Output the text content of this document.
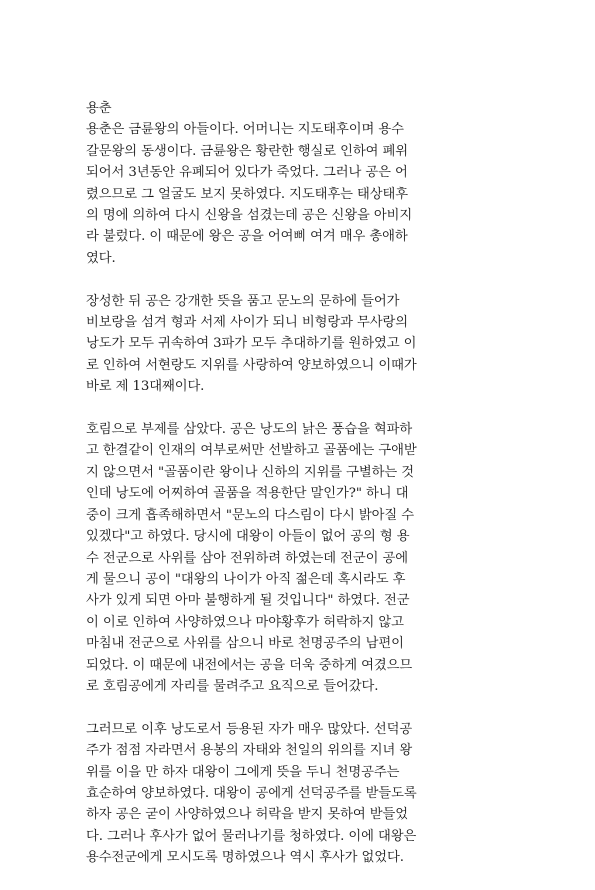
용춘
용춘은 금륜왕의 아들이다. 어머니는 지도태후이며 용수
갈문왕의 동생이다. 금륜왕은 황란한 행실로 인하여 폐위
되어서 3년동안 유폐되어 있다가 죽었다. 그러나 공은 어
렸으므로 그 얼굴도 보지 못하였다. 지도태후는 태상태후
의 명에 의하여 다시 신왕을 섬겼는데 공은 신왕을 아비지
라 불렀다. 이 때문에 왕은 공을 어여삐 여겨 매우 총애하
였다.
장성한 뒤 공은 강개한 뜻을 품고 문노의 문하에 들어가
비보랑을 섬겨 형과 서제 사이가 되니 비형랑과 무사랑의
낭도가 모두 귀속하여 3파가 모두 추대하기를 원하였고 이
로 인하여 서현랑도 지위를 사랑하여 양보하였으니 이때가
바로 제 13대째이다.
호림으로 부제를 삼았다. 공은 낭도의 낡은 풍습을 혁파하
고 한결같이 인재의 여부로써만 선발하고 골품에는 구애받
지 않으면서 "골품이란 왕이나 신하의 지위를 구별하는 것
인데 낭도에 어찌하여 골품을 적용한단 말인가?" 하니 대
중이 크게 흡족해하면서 "문노의 다스림이 다시 밝아질 수
있겠다"고 하였다. 당시에 대왕이 아들이 없어 공의 형 용
수 전군으로 사위를 삼아 전위하려 하였는데 전군이 공에
게 물으니 공이 "대왕의 나이가 아직 젊은데 혹시라도 후
사가 있게 되면 아마 불행하게 될 것입니다" 하였다. 전군
이 이로 인하여 사양하였으나 마야황후가 허락하지 않고
마침내 전군으로 사위를 삼으니 바로 천명공주의 남편이
되었다. 이 때문에 내전에서는 공을 더욱 중하게 여겼으므
로 호림공에게 자리를 물려주고 요직으로 들어갔다.
그러므로 이후 낭도로서 등용된 자가 매우 많았다. 선덕공
주가 점점 자라면서 용봉의 자태와 천일의 위의를 지녀 왕
위를 이을 만 하자 대왕이 그에게 뜻을 두니 천명공주는
효순하여 양보하였다. 대왕이 공에게 선덕공주를 받들도록
하자 공은 굳이 사양하였으나 허락을 받지 못하여 받들었
다. 그러나 후사가 없어 물러나기를 청하였다. 이에 대왕은
용수전군에게 모시도록 명하였으나 역시 후사가 없었다.
